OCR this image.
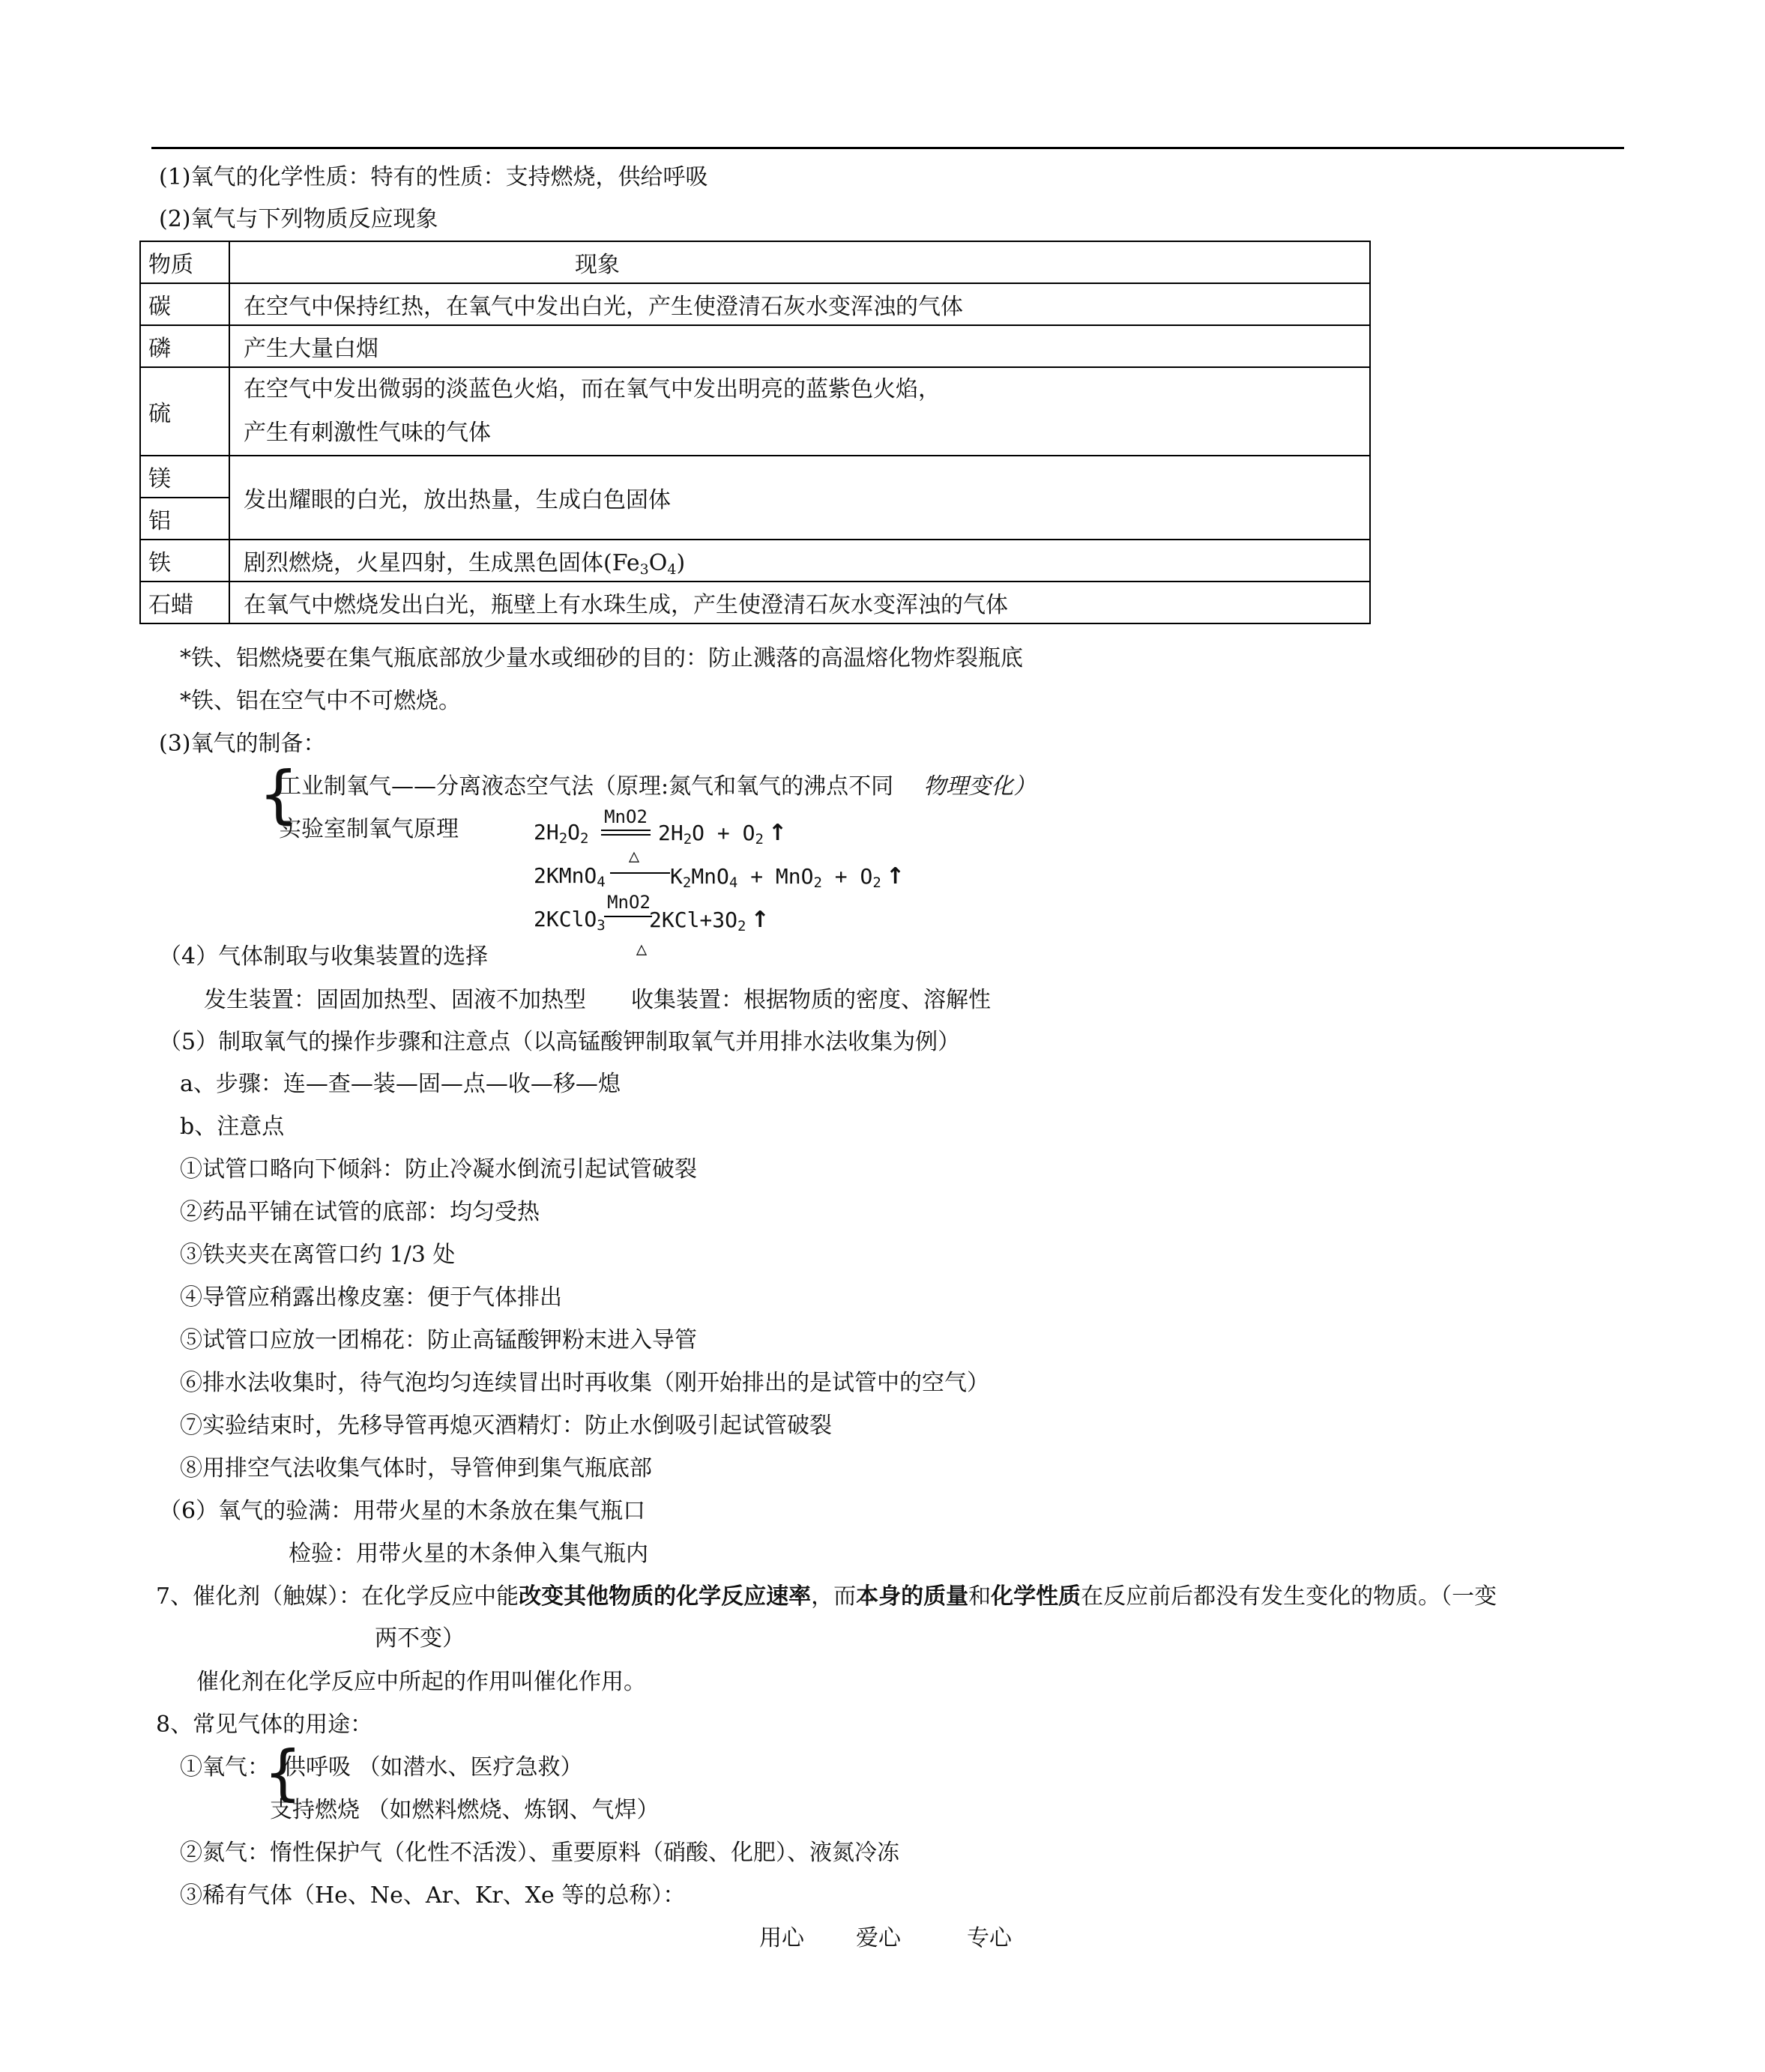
(1)氧气的化学性质：特有的性质：支持燃烧，供给呼吸
(2)氧气与下列物质反应现象
物质	现象
碳	在空气中保持红热，在氧气中发出白光，产生使澄清石灰水变浑浊的气体
磷	产生大量白烟
硫	在空气中发出微弱的淡蓝色火焰，而在氧气中发出明亮的蓝紫色火焰，
产生有刺激性气味的气体
镁	发出耀眼的白光，放出热量，生成白色固体
铝	
铁	剧烈燃烧，火星四射，生成黑色固体$(Fe_3O_4)$
石蜡	在氧气中燃烧发出白光，瓶壁上有水珠生成，产生使澄清石灰水变浑浊的气体
*铁、铝燃烧要在集气瓶底部放少量水或细砂的目的：防止溅落的高温熔化物炸裂瓶底
*铁、铝在空气中不可燃烧。
(3)氧气的制备：
{
工业制氧气——分离液态空气法（原理:氮气和氧气的沸点不同 物理变化）
实验室制氧气原理	$2H_2O_2$
MnO2
$2H_2O + O_2$ ↑
2KMnO$_4$
△
$K_2MnO_4 + MnO_2 + O_2$ ↑
2KClO$_3$
MnO2
$2KCl+3O_2$ ↑
△
（4）气体制取与收集装置的选择
发生装置：固固加热型、固液不加热型　　收集装置：根据物质的密度、溶解性
（5）制取氧气的操作步骤和注意点（以高锰酸钾制取氧气并用排水法收集为例）
a、步骤：连—查—装—固—点—收—移—熄
b、注意点
①试管口略向下倾斜：防止冷凝水倒流引起试管破裂
②药品平铺在试管的底部：均匀受热
③铁夹夹在离管口约 1/3 处
④导管应稍露出橡皮塞：便于气体排出
⑤试管口应放一团棉花：防止高锰酸钾粉末进入导管
⑥排水法收集时，待气泡均匀连续冒出时再收集（刚开始排出的是试管中的空气）
⑦实验结束时，先移导管再熄灭酒精灯：防止水倒吸引起试管破裂
⑧用排空气法收集气体时，导管伸到集气瓶底部
（6）氧气的验满：用带火星的木条放在集气瓶口
检验：用带火星的木条伸入集气瓶内
7、催化剂（触媒）：在化学反应中能改变其他物质的化学反应速率，而本身的质量和化学性质在反应前后都没有发生变化的物质。（一变
两不变）
催化剂在化学反应中所起的作用叫催化作用。
8、常见气体的用途：
①氧气：
{
供呼吸 （如潜水、医疗急救）
支持燃烧 （如燃料燃烧、炼钢、气焊）
②氮气：惰性保护气（化性不活泼）、重要原料（硝酸、化肥）、液氮冷冻
③稀有气体（He、Ne、Ar、Kr、Xe 等的总称）：
用心 爱心	专心
